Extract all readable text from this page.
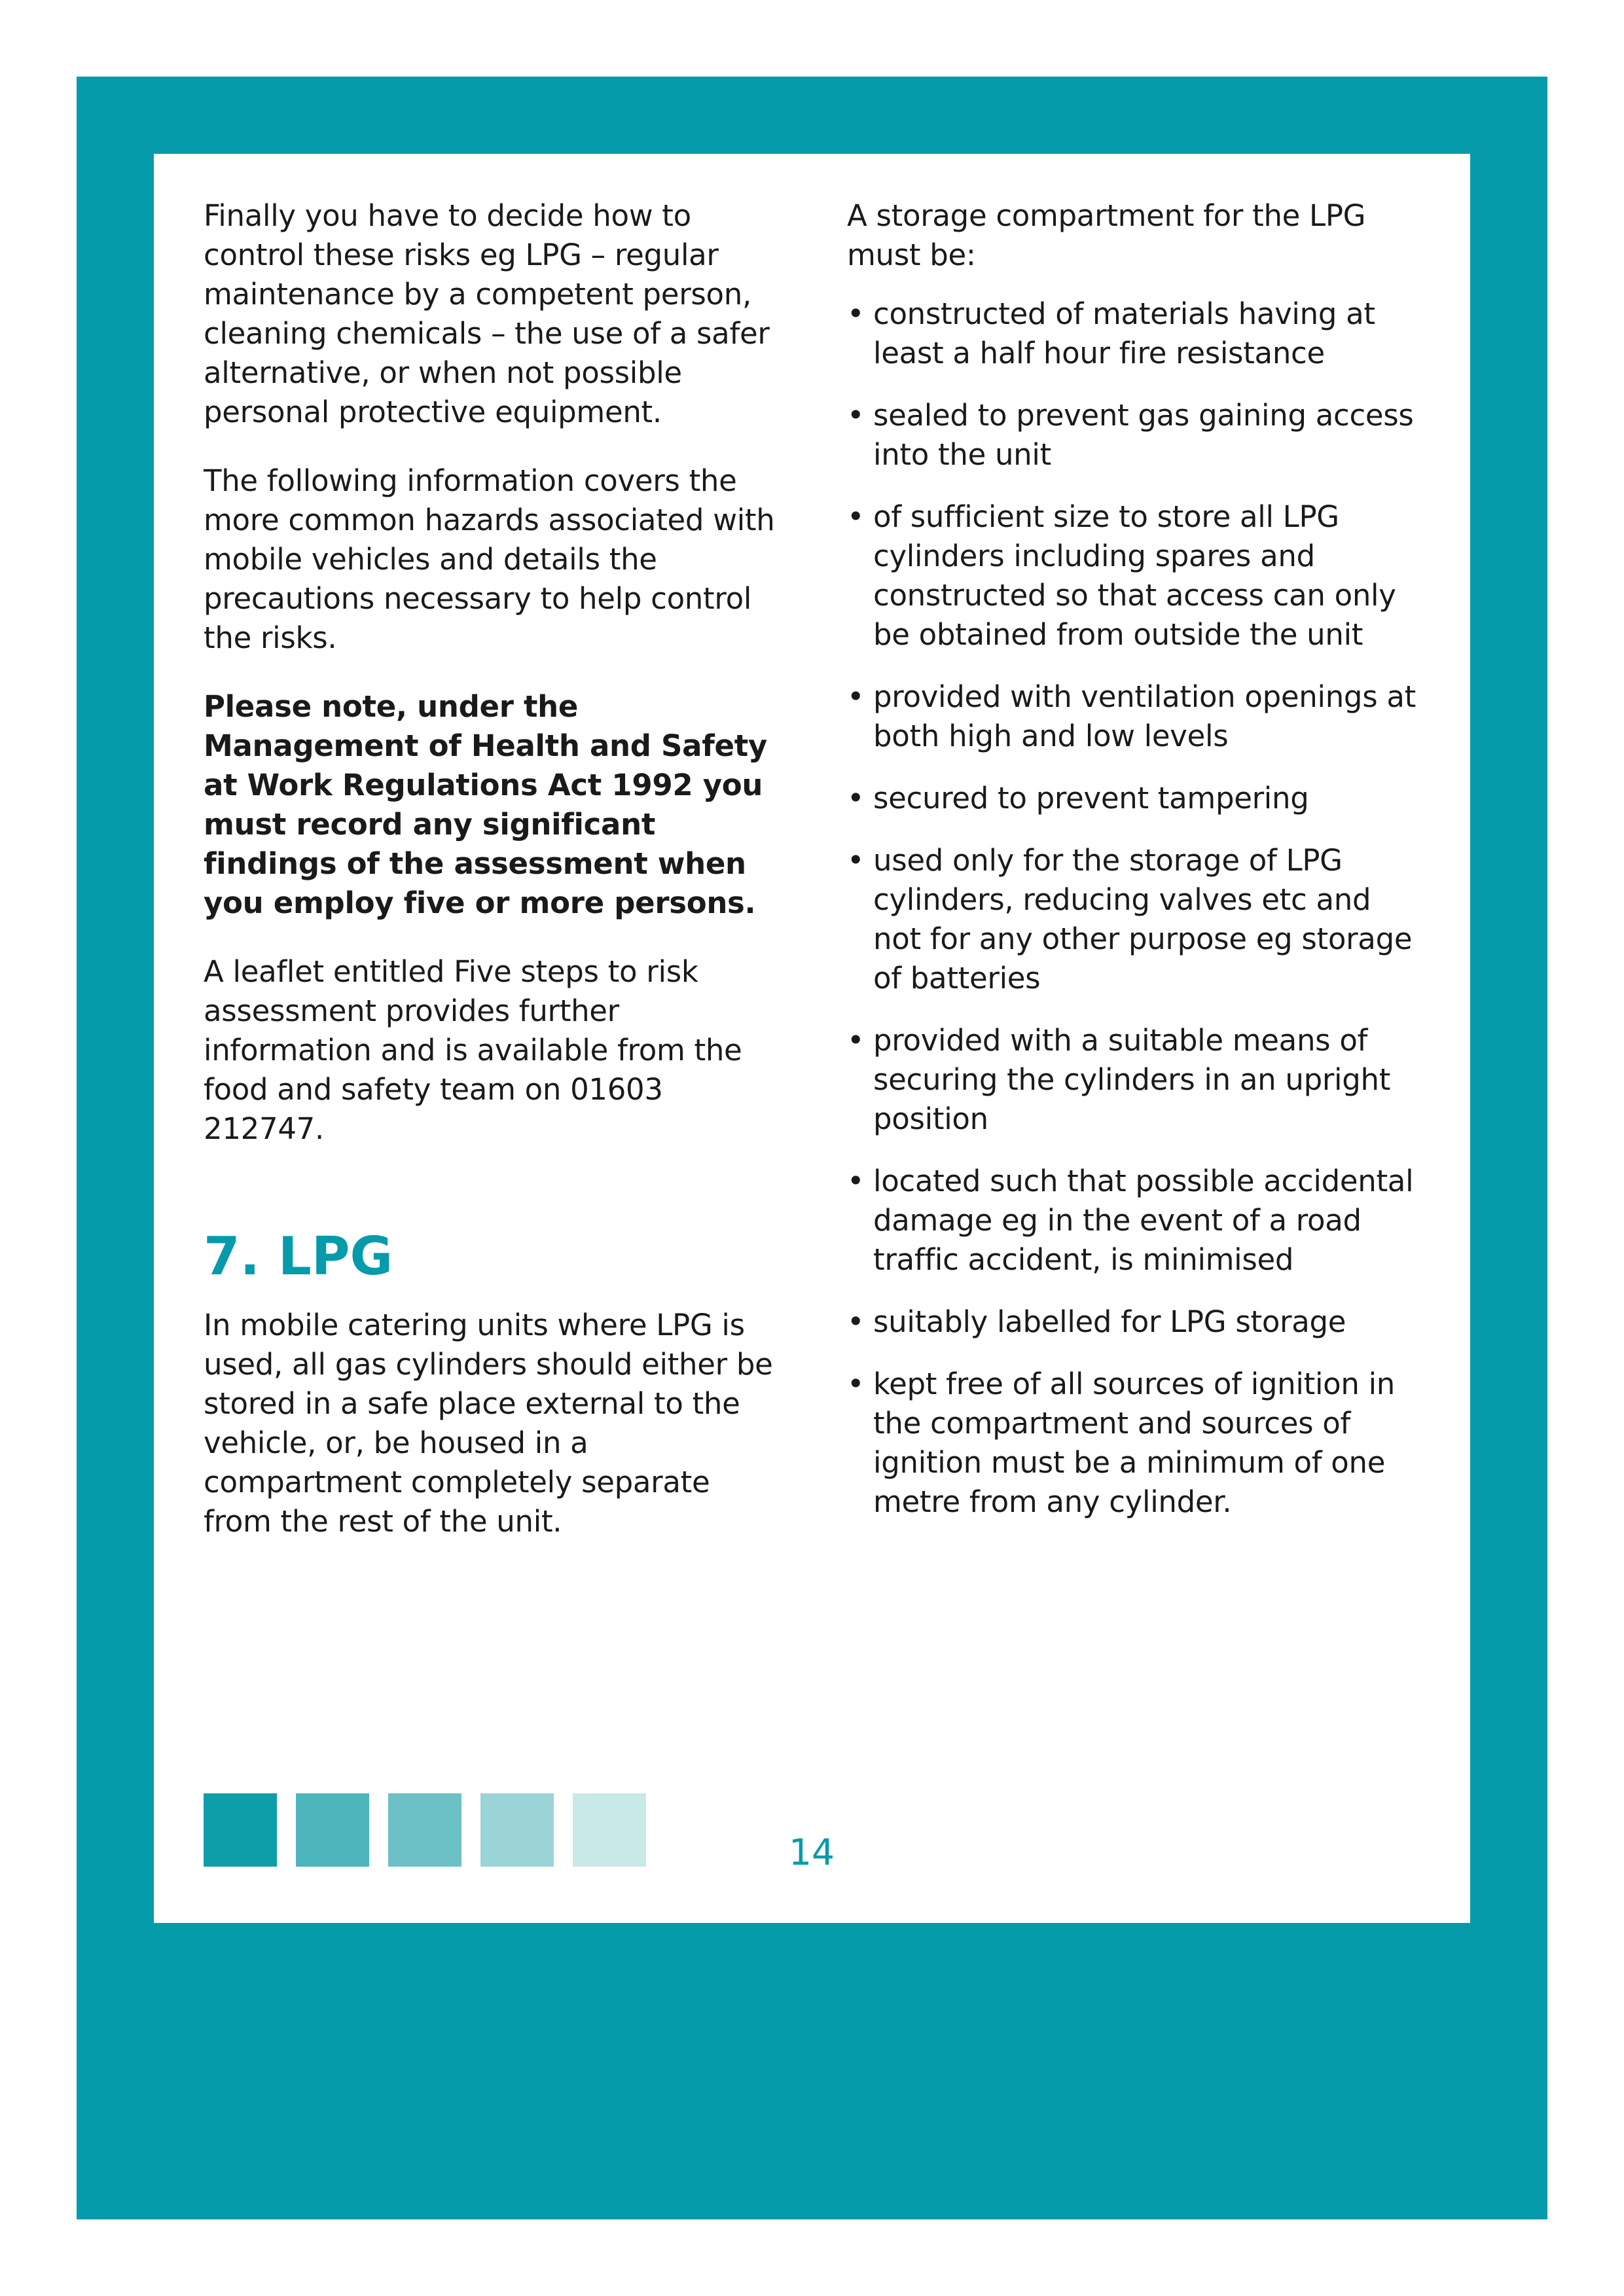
Finally you have to decide how to control these risks eg LPG – regular maintenance by a competent person, cleaning chemicals – the use of a safer alternative, or when not possible personal protective equipment.

The following information covers the more common hazards associated with mobile vehicles and details the precautions necessary to help control the risks.

Please note, under the Management of Health and Safety at Work Regulations Act 1992 you must record any significant findings of the assessment when you employ five or more persons.

A leaflet entitled Five steps to risk assessment provides further information and is available from the food and safety team on 01603 212747.

7. LPG

In mobile catering units where LPG is used, all gas cylinders should either be stored in a safe place external to the vehicle, or, be housed in a compartment completely separate from the rest of the unit.

A storage compartment for the LPG must be:

• constructed of materials having at least a half hour fire resistance
• sealed to prevent gas gaining access into the unit
• of sufficient size to store all LPG cylinders including spares and constructed so that access can only be obtained from outside the unit
• provided with ventilation openings at both high and low levels
• secured to prevent tampering
• used only for the storage of LPG cylinders, reducing valves etc and not for any other purpose eg storage of batteries
• provided with a suitable means of securing the cylinders in an upright position
• located such that possible accidental damage eg in the event of a road traffic accident, is minimised
• suitably labelled for LPG storage
• kept free of all sources of ignition in the compartment and sources of ignition must be a minimum of one metre from any cylinder.
14
